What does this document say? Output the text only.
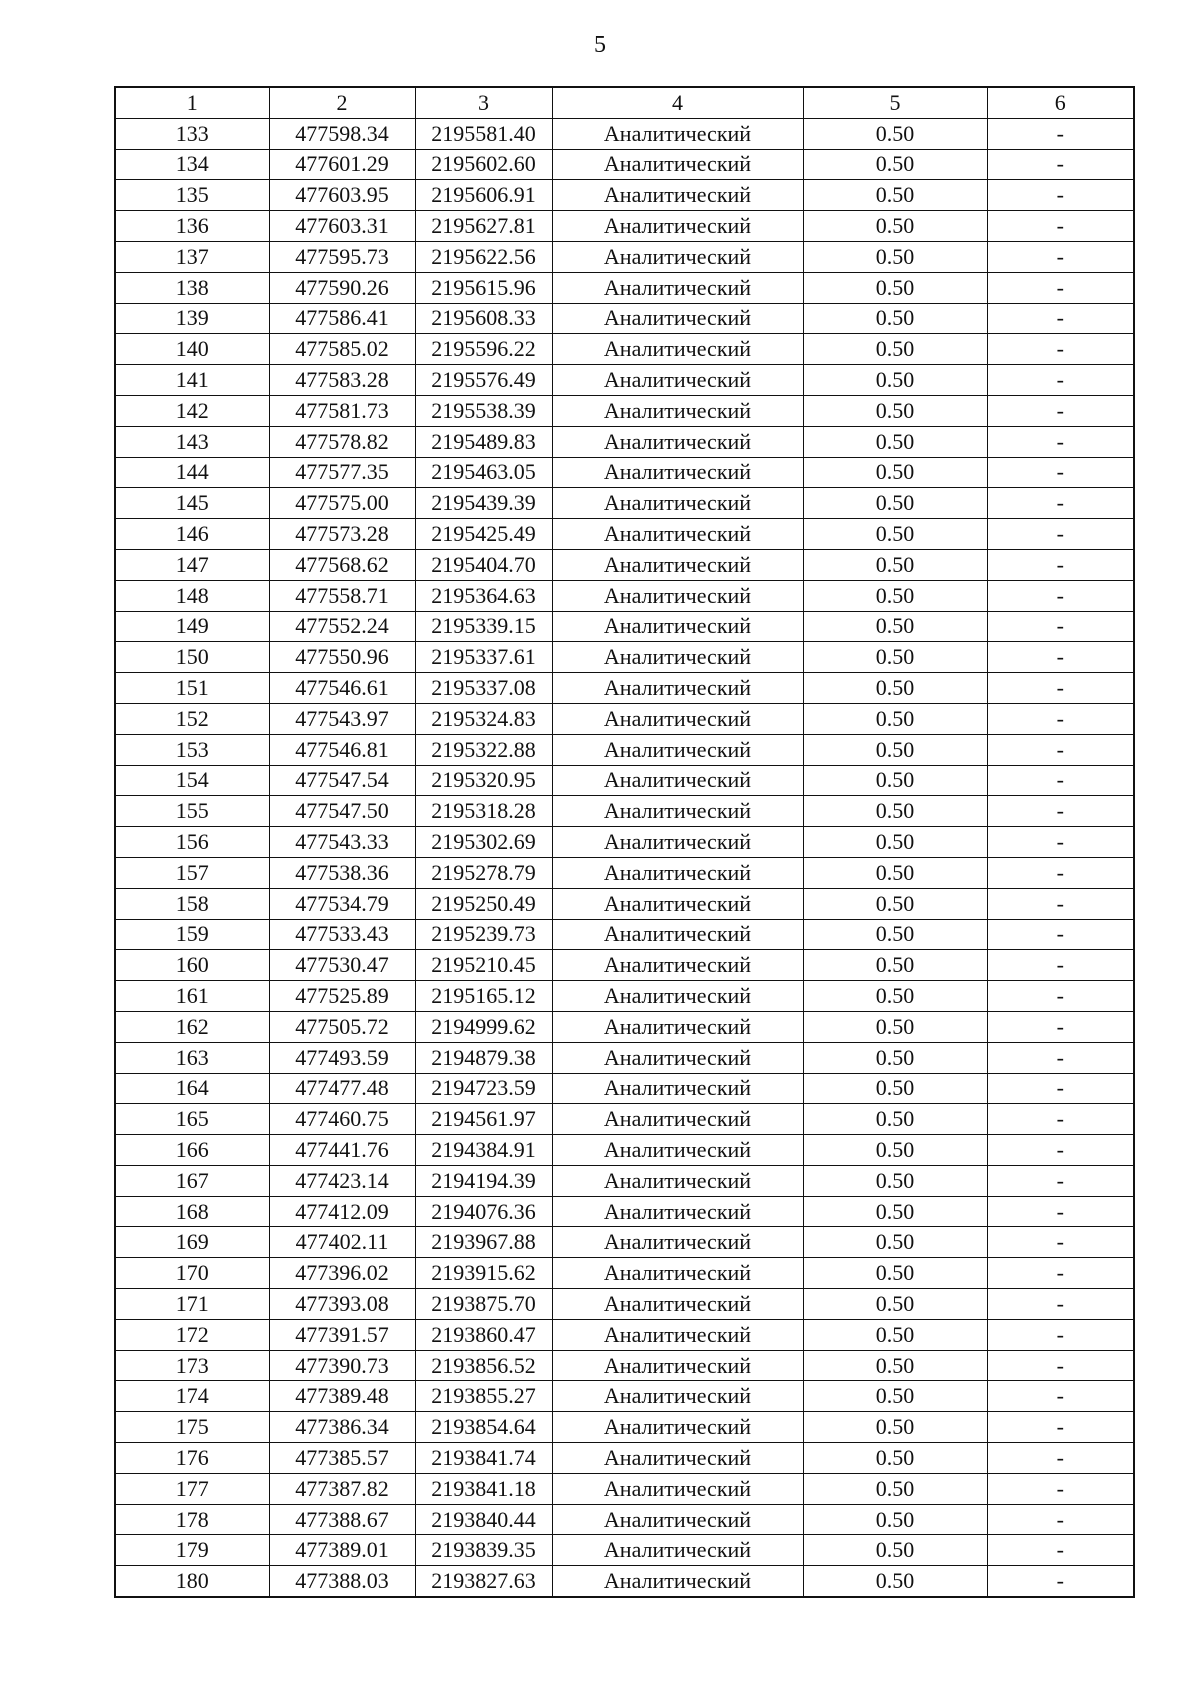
5
1	2	3	4	5	6
133	477598.34	2195581.40	Аналитический	0.50	-
134	477601.29	2195602.60	Аналитический	0.50	-
135	477603.95	2195606.91	Аналитический	0.50	-
136	477603.31	2195627.81	Аналитический	0.50	-
137	477595.73	2195622.56	Аналитический	0.50	-
138	477590.26	2195615.96	Аналитический	0.50	-
139	477586.41	2195608.33	Аналитический	0.50	-
140	477585.02	2195596.22	Аналитический	0.50	-
141	477583.28	2195576.49	Аналитический	0.50	-
142	477581.73	2195538.39	Аналитический	0.50	-
143	477578.82	2195489.83	Аналитический	0.50	-
144	477577.35	2195463.05	Аналитический	0.50	-
145	477575.00	2195439.39	Аналитический	0.50	-
146	477573.28	2195425.49	Аналитический	0.50	-
147	477568.62	2195404.70	Аналитический	0.50	-
148	477558.71	2195364.63	Аналитический	0.50	-
149	477552.24	2195339.15	Аналитический	0.50	-
150	477550.96	2195337.61	Аналитический	0.50	-
151	477546.61	2195337.08	Аналитический	0.50	-
152	477543.97	2195324.83	Аналитический	0.50	-
153	477546.81	2195322.88	Аналитический	0.50	-
154	477547.54	2195320.95	Аналитический	0.50	-
155	477547.50	2195318.28	Аналитический	0.50	-
156	477543.33	2195302.69	Аналитический	0.50	-
157	477538.36	2195278.79	Аналитический	0.50	-
158	477534.79	2195250.49	Аналитический	0.50	-
159	477533.43	2195239.73	Аналитический	0.50	-
160	477530.47	2195210.45	Аналитический	0.50	-
161	477525.89	2195165.12	Аналитический	0.50	-
162	477505.72	2194999.62	Аналитический	0.50	-
163	477493.59	2194879.38	Аналитический	0.50	-
164	477477.48	2194723.59	Аналитический	0.50	-
165	477460.75	2194561.97	Аналитический	0.50	-
166	477441.76	2194384.91	Аналитический	0.50	-
167	477423.14	2194194.39	Аналитический	0.50	-
168	477412.09	2194076.36	Аналитический	0.50	-
169	477402.11	2193967.88	Аналитический	0.50	-
170	477396.02	2193915.62	Аналитический	0.50	-
171	477393.08	2193875.70	Аналитический	0.50	-
172	477391.57	2193860.47	Аналитический	0.50	-
173	477390.73	2193856.52	Аналитический	0.50	-
174	477389.48	2193855.27	Аналитический	0.50	-
175	477386.34	2193854.64	Аналитический	0.50	-
176	477385.57	2193841.74	Аналитический	0.50	-
177	477387.82	2193841.18	Аналитический	0.50	-
178	477388.67	2193840.44	Аналитический	0.50	-
179	477389.01	2193839.35	Аналитический	0.50	-
180	477388.03	2193827.63	Аналитический	0.50	-
